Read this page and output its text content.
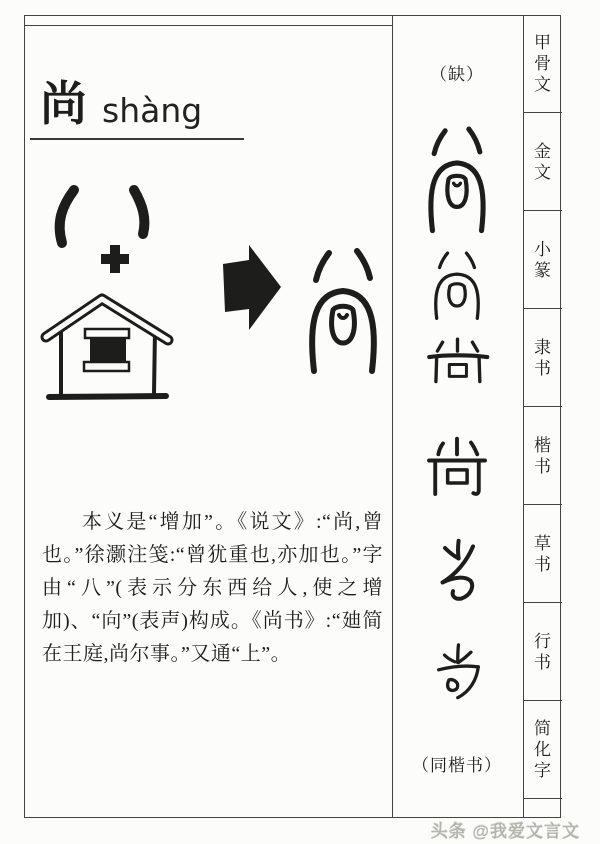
尚 shàng
本义是“增加”。《说文》:“尚,曾也。”徐灏注笺:“曾犹重也,亦加也。”字由“八”(表示分东西给人,使之增加)、“向”(表声)构成。《尚书》:“廸简在王庭,尚尔事。”又通“上”。
（缺）
（同楷书）
甲骨文
金文
小篆
隶书
楷书
草书
行书
简化字
头条 @我爱文言文
